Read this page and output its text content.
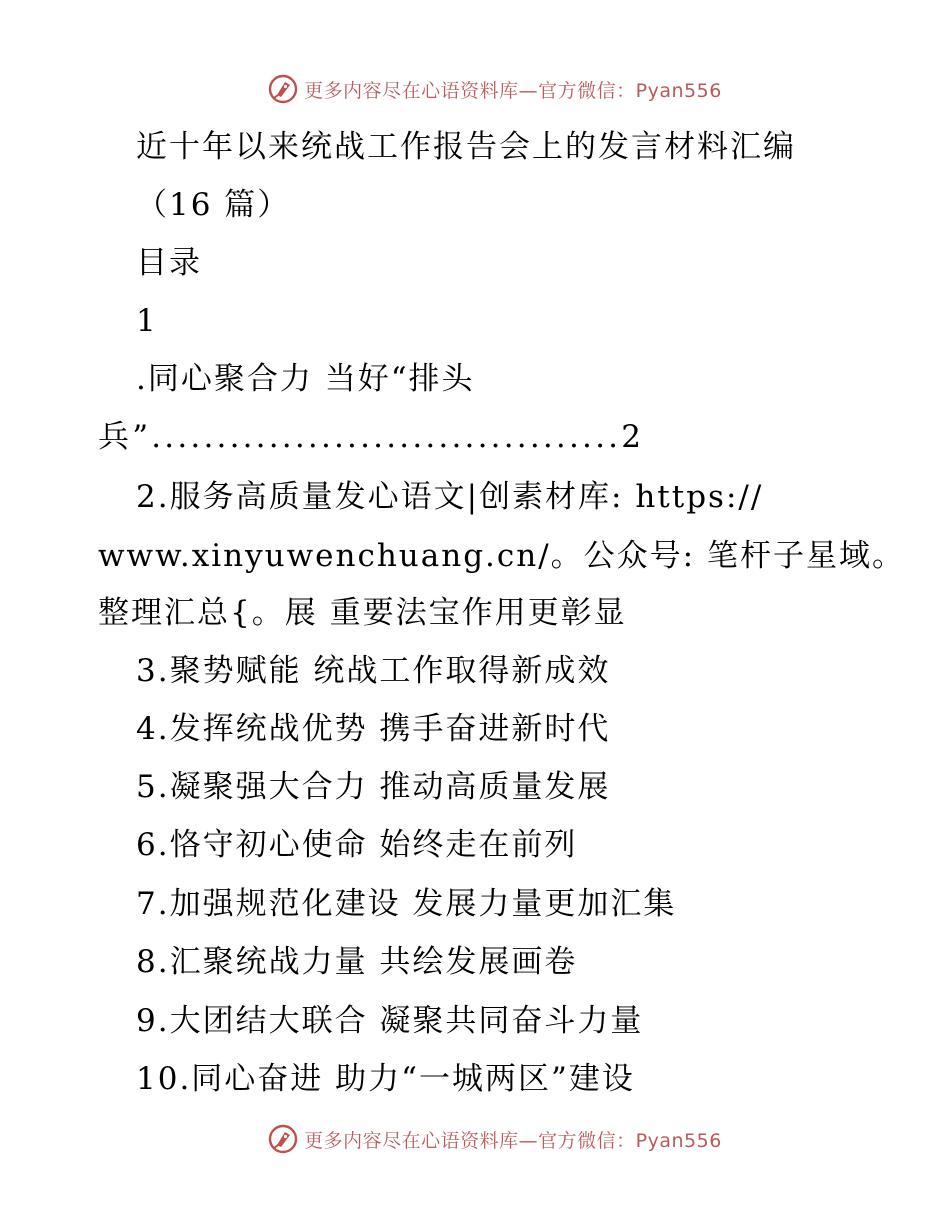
更多内容尽在心语资料库—官方微信：Pyan556
近十年以来统战工作报告会上的发言材料汇编
（16 篇）
目录
1
.同心聚合力 当好“排头
兵”....................................2
2.服务高质量发心语文|创素材库: https://
www.xinyuwenchuang.cn/。公众号: 笔杆子星域。
整理汇总{。展 重要法宝作用更彰显
3.聚势赋能 统战工作取得新成效
4.发挥统战优势 携手奋进新时代
5.凝聚强大合力 推动高质量发展
6.恪守初心使命 始终走在前列
7.加强规范化建设 发展力量更加汇集
8.汇聚统战力量 共绘发展画卷
9.大团结大联合 凝聚共同奋斗力量
10.同心奋进 助力“一城两区”建设
更多内容尽在心语资料库—官方微信：Pyan556
